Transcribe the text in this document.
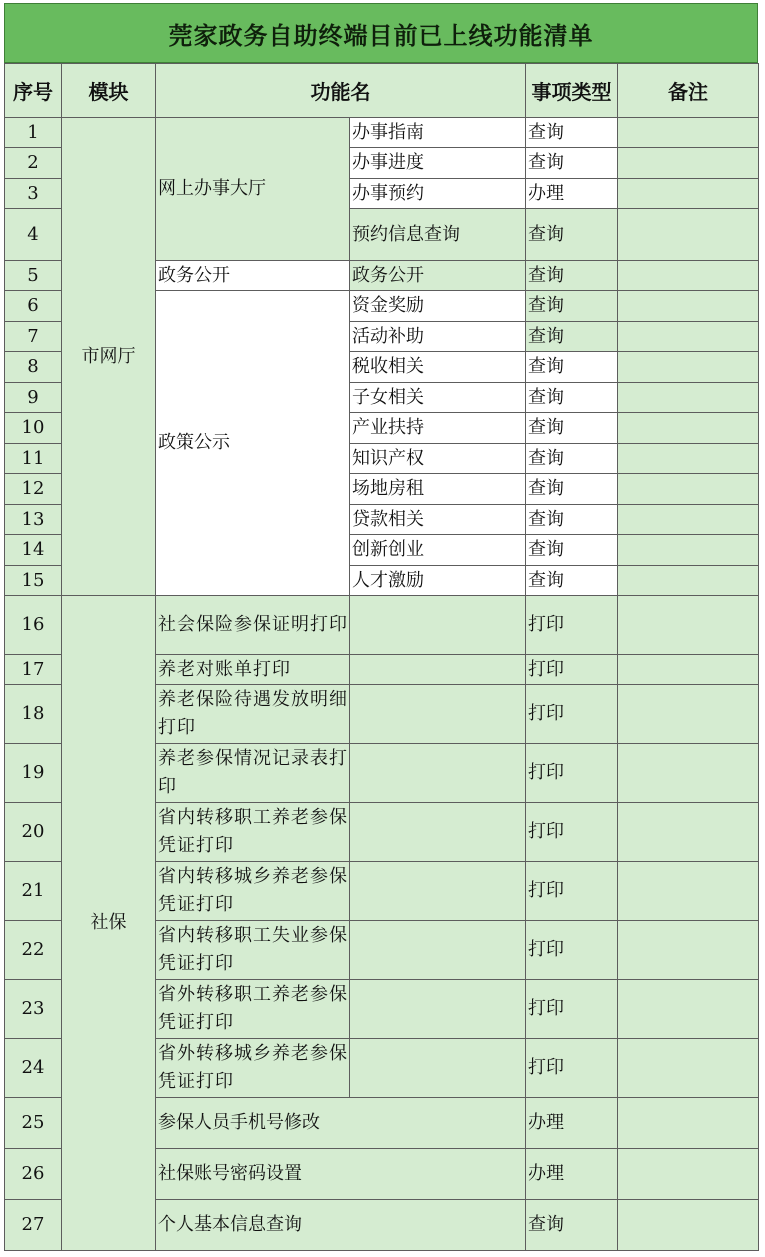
莞家政务自助终端目前已上线功能清单
序号	模块	功能名		事项类型	备注
1	市网厅	网上办事大厅	办事指南	查询	
2			办事进度	查询	
3			办事预约	办理	
4			预约信息查询	查询	
5		政务公开	政务公开	查询	
6		政策公示	资金奖励	查询	
7			活动补助	查询	
8			税收相关	查询	
9			子女相关	查询	
10			产业扶持	查询	
11			知识产权	查询	
12			场地房租	查询	
13			贷款相关	查询	
14			创新创业	查询	
15			人才激励	查询	
16	社保	社会保险参保证明打印		打印	
17		养老对账单打印		打印	
18		养老保险待遇发放明细打印		打印	
19		养老参保情况记录表打印		打印	
20		省内转移职工养老参保凭证打印		打印	
21		省内转移城乡养老参保凭证打印		打印	
22		省内转移职工失业参保凭证打印		打印	
23		省外转移职工养老参保凭证打印		打印	
24		省外转移城乡养老参保凭证打印		打印	
25		参保人员手机号修改		办理	
26		社保账号密码设置		办理	
27		个人基本信息查询		查询	
